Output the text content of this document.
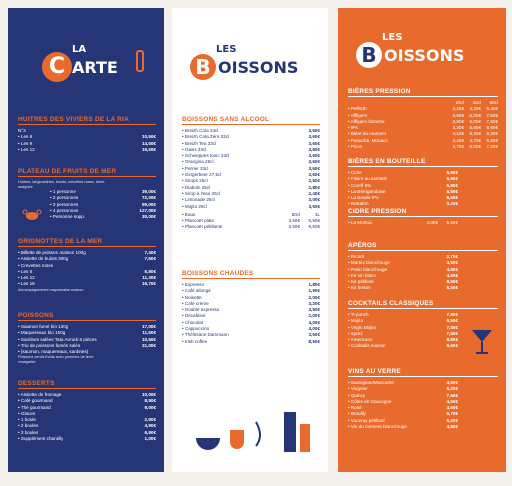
LA
C ARTE
HUITRES DES VIVIERS DE LA RIA
N°3
• Les 6	10,50€
• Les 9	14,50€
• Les 12	19,50€
PLATEAU DE FRUITS DE MER
Huîtres, langoustines, bulots, crevettes roses, demi-araignée
• 1 personne	39,00€
• 2 personnes	72,00€
• 3 personnes	99,00€
• 4 personnes	127,00€
• Personne supp.	30,00€
GRIGNOTTES DE LA MER
• Billette de poisson maison 100g	7,40€
• Assiette de bulots 300g	7,50€
• Crevettes roses
• Les 6	5,80€
• Les 12	11,30€
• Les 18	16,70€
Accompagnement mayonnaise maison
POISSONS
• Saumon fumé bio 120g	17,00€
• Maquereaux bio 150g	11,50€
• Sardines salées Tata Annick 6 pièces	10,50€
• Trio de poissons fumés salés	21,00€
• (saumon, maquereaux, sardines)
Poissons servis froids avec pommes de terre vinaigrette
DESSERTS
• Assiette de fromage	10,00€
• Café gourmand	8,50€
• Thé gourmand	9,00€
• Glaces
• 1 boule	2,90€
• 2 boules	4,90€
• 3 boules	6,90€
• Supplément chantilly	1,00€
LES
B OISSONS
BOISSONS SANS ALCOOL
• Breizh Cola 33cl	3,60€
• Breizh Cola Zéro 33cl	3,60€
• Breizh Tea 33cl	3,60€
• Oasis 33cl	3,60€
• Schweppes tonic 33cl	3,60€
• Orangina 25cl	3,60€
• Perrier 33cl	3,60€
• Gingerbeer 27,5cl	3,60€
• Sirops 25cl	2,50€
• Diabolo 25cl	2,80€
• Sirop à l'eau 25cl	2,40€
• Limonade 25cl	3,00€
• Mojito 25cl	3,50€
• Eaux	50cl	1L
• Plancoët plate	3,50€	5,50€
• Plancoët pétillante	3,50€	5,50€
BOISSONS CHAUDES
• Expresso	1,80€
• Café allongé	1,90€
• Noisette	2,00€
• Café crème	3,20€
• Double expresso	3,50€
• Décaféiné	2,00€
• Chocolat	4,00€
• Cappuccino	4,00€
• Thé/tisane Dammann	3,50€
• Irish coffee	8,50€
LES
B OISSONS
BIÈRES PRESSION
25cl	33cl	50cl
• Pelforth	3,20€	4,20€	6,40€
• Affligem	3,80€	5,00€	7,50€
• Affligem blanche	3,80€	5,00€	7,50€
• IPA	4,30€	5,80€	8,60€
• Bière du moment	4,10€	5,30€	8,20€
• Panaché, Monaco	3,40€	4,70€	6,80€
• Picon	3,70€	5,00€	7,20€
BIÈRES EN BOUTEILLE
• Cidre	5,90€
• Filoire au sarrasin	5,90€
• Coreff 5%	5,90€
• La Bérrigandaise	6,50€
• La Bouée IPA	6,50€
• Retrafon	3,20€
CIDRE PRESSION
• La Morlaix	4,00€	5,50€
APÉROS
• Ricard	2,70€
• Martini blanc/rouge	4,50€
• Porto blanc/rouge	4,50€
• Kir vin blanc	4,50€
• Kir pétillant	8,50€
• Kir breton	5,50€
COCKTAILS CLASSIQUES
• Ti-punch	7,90€
• Mojito	9,50€
• Virgin Mojito	7,00€
• Spritz	7,90€
• Americano	8,50€
• Cocktails maison	9,50€
VINS AU VERRE
• Sauvignon/Muscadet	4,50€
• Viognier	5,20€
• Quincy	7,50€
• Côtes de Gascogne	4,50€
• Rosé	4,60€
• Brouilly	5,70€
• Vouvray pétillant	6,20€
• Vin du moment blanc/rouge	4,80€
